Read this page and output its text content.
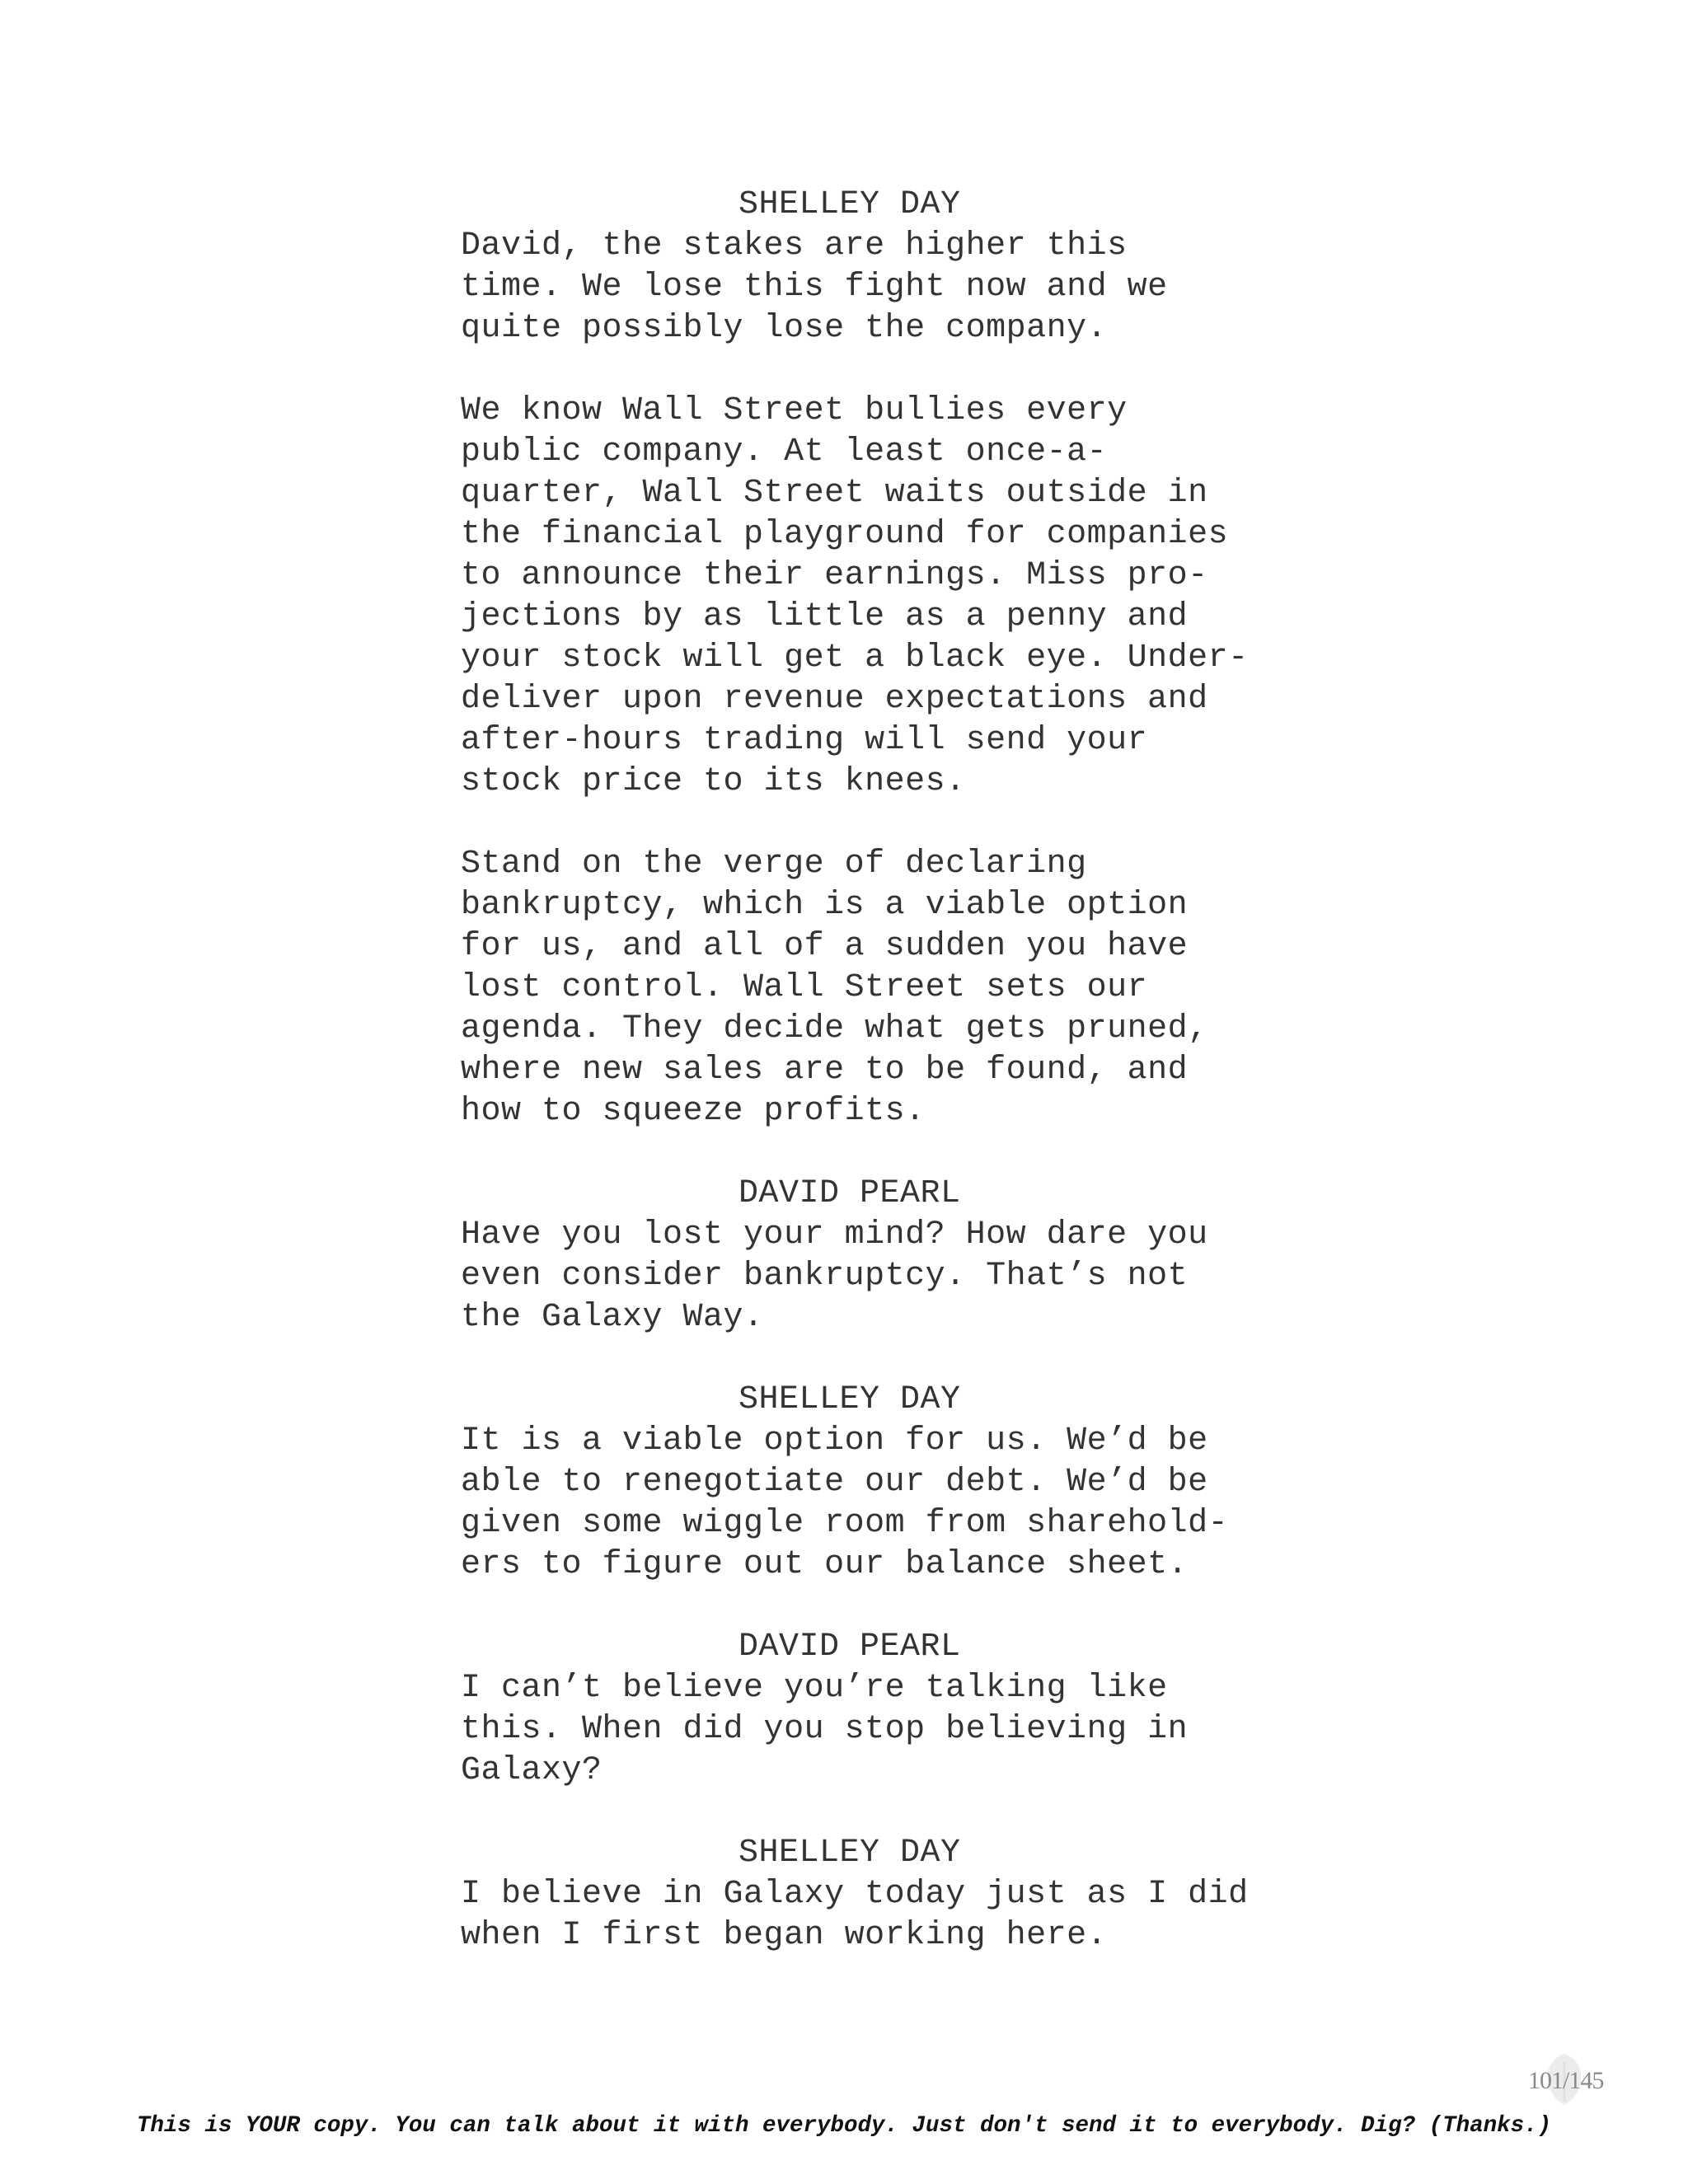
SHELLEY DAY
David, the stakes are higher this
time. We lose this fight now and we
quite possibly lose the company.
We know Wall Street bullies every
public company. At least once-a-
quarter, Wall Street waits outside in
the financial playground for companies
to announce their earnings. Miss pro-
jections by as little as a penny and
your stock will get a black eye. Under-
deliver upon revenue expectations and
after-hours trading will send your
stock price to its knees.
Stand on the verge of declaring
bankruptcy, which is a viable option
for us, and all of a sudden you have
lost control. Wall Street sets our
agenda. They decide what gets pruned,
where new sales are to be found, and
how to squeeze profits.
DAVID PEARL
Have you lost your mind? How dare you
even consider bankruptcy. That’s not
the Galaxy Way.
SHELLEY DAY
It is a viable option for us. We’d be
able to renegotiate our debt. We’d be
given some wiggle room from sharehold-
ers to figure out our balance sheet.
DAVID PEARL
I can’t believe you’re talking like
this. When did you stop believing in
Galaxy?
SHELLEY DAY
I believe in Galaxy today just as I did
when I first began working here.
101/145
This is YOUR copy. You can talk about it with everybody. Just don't send it to everybody. Dig? (Thanks.)
